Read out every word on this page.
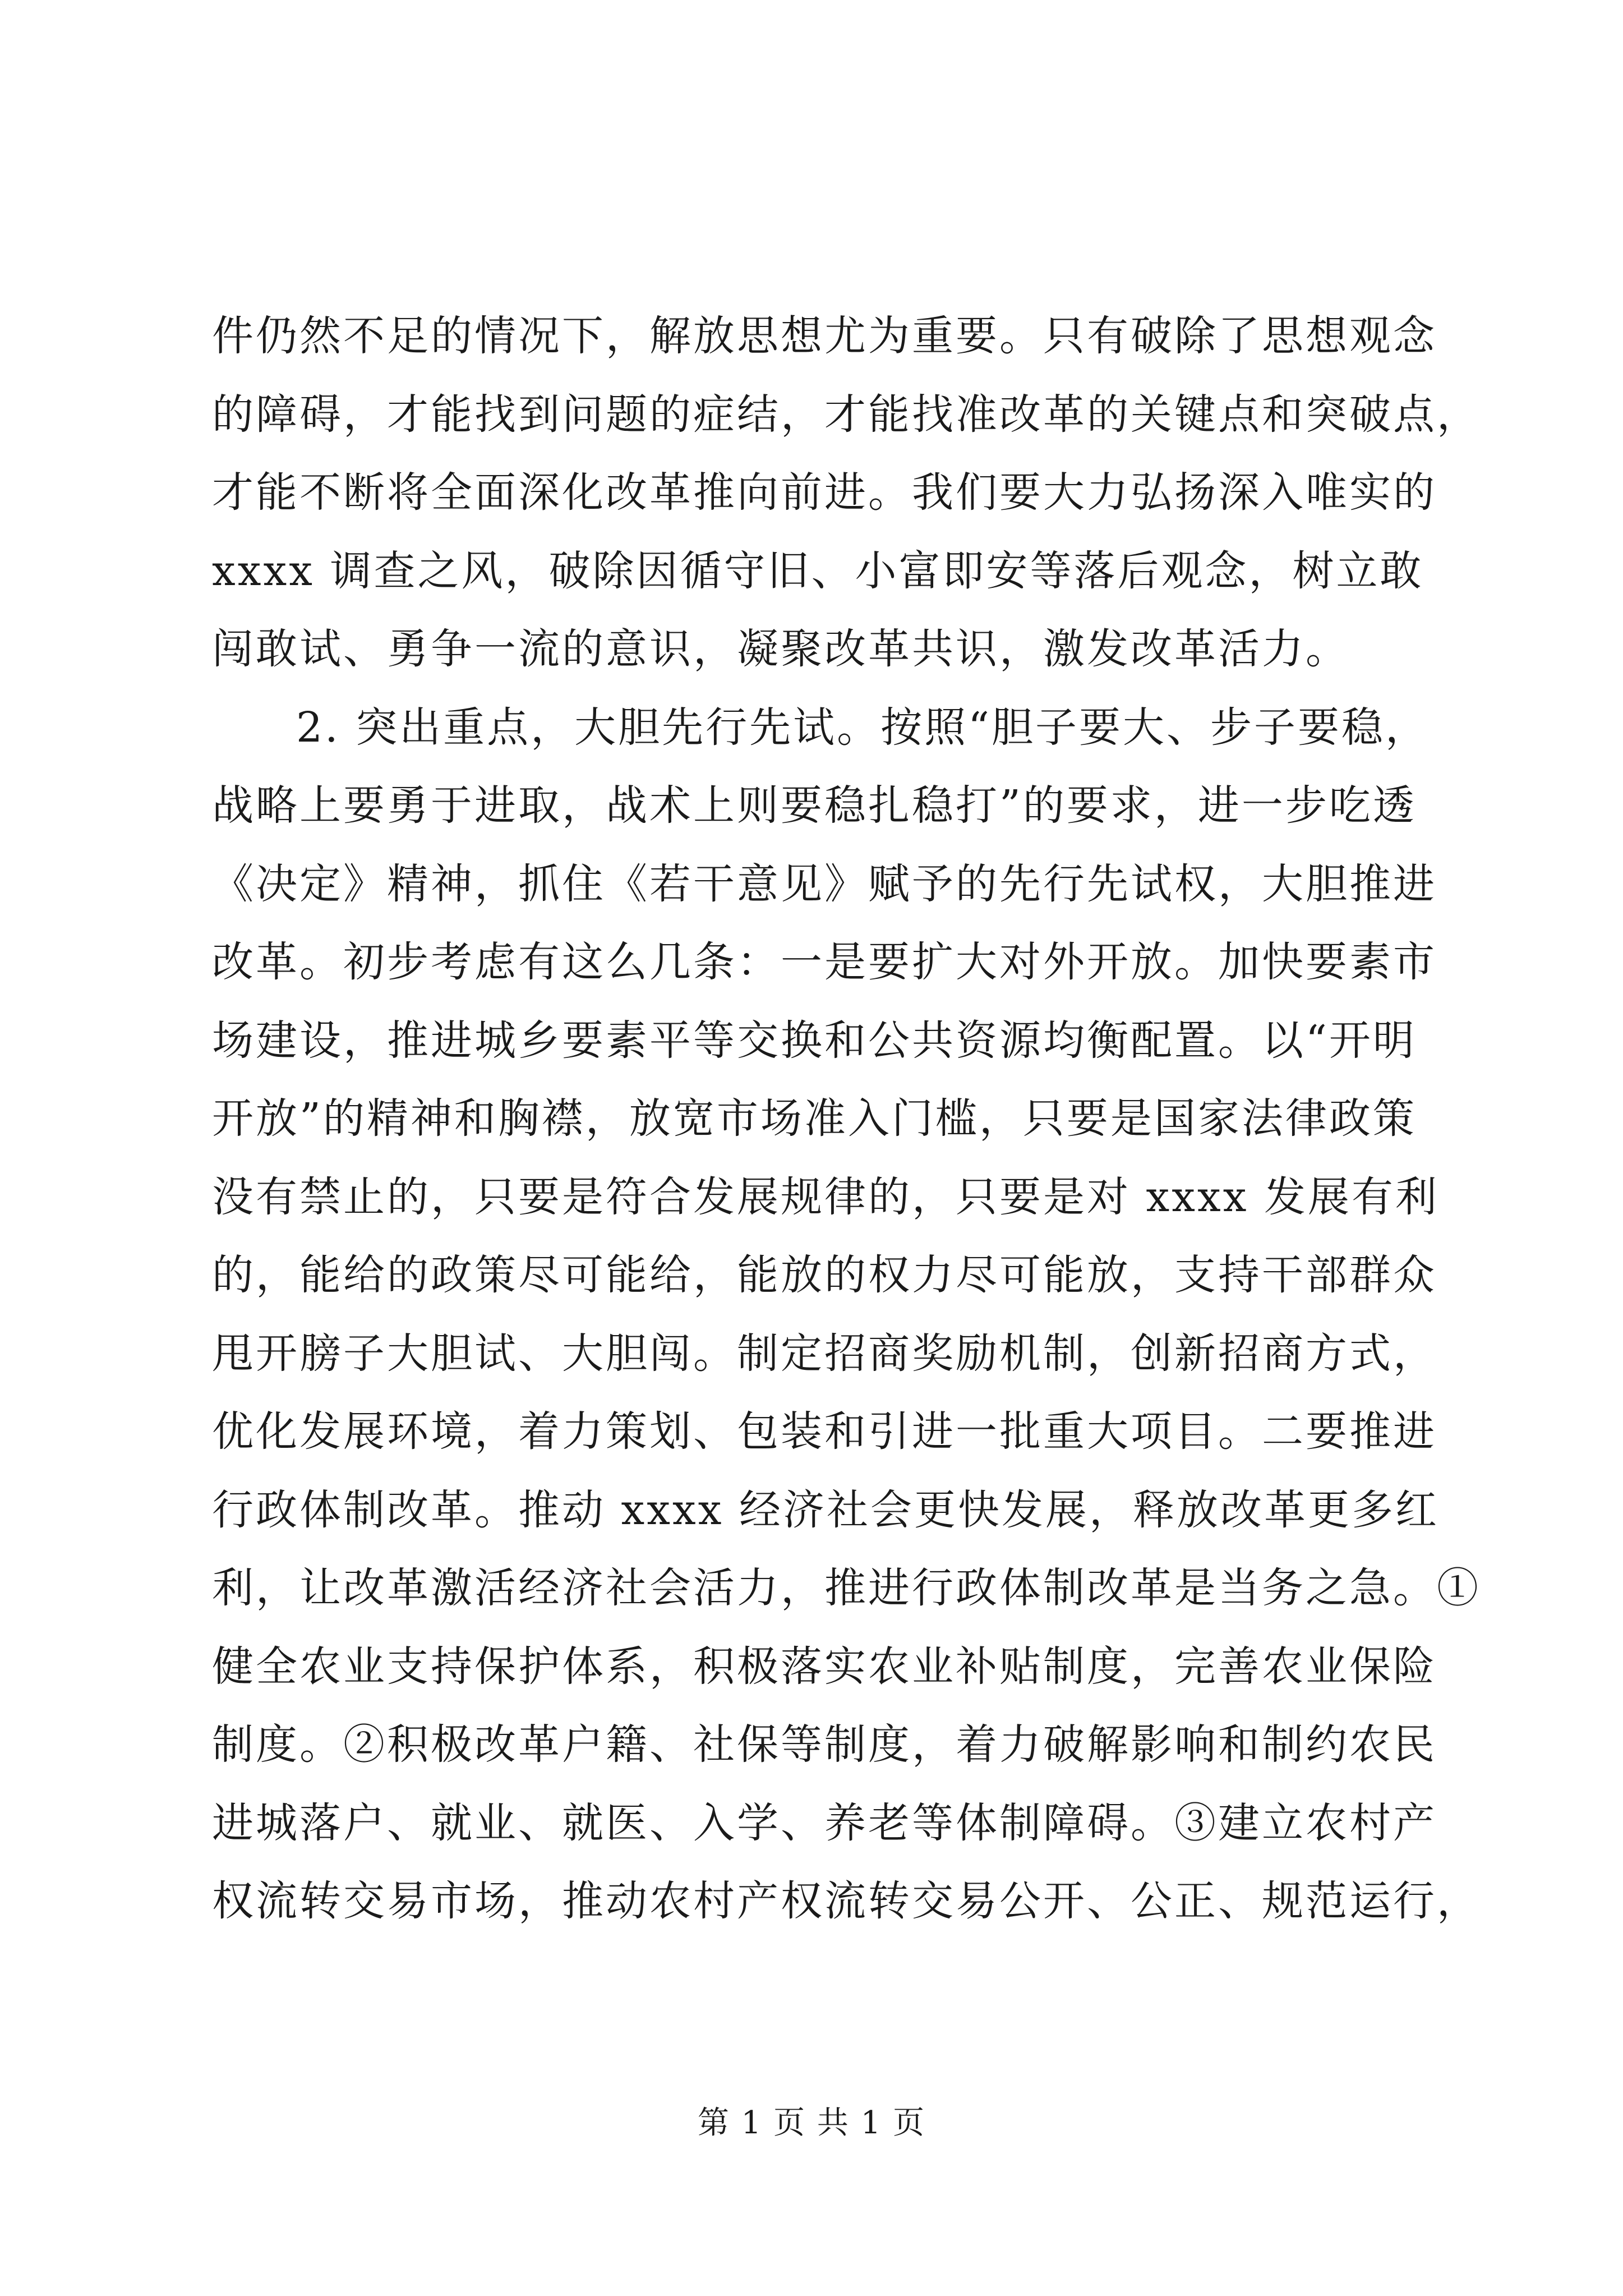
件仍然不足的情况下，解放思想尤为重要。只有破除了思想观念
的障碍，才能找到问题的症结，才能找准改革的关键点和突破点，
才能不断将全面深化改革推向前进。我们要大力弘扬深入唯实的
xxxx 调查之风，破除因循守旧、小富即安等落后观念，树立敢
闯敢试、勇争一流的意识，凝聚改革共识，激发改革活力。
2. 突出重点，大胆先行先试。按照“胆子要大、步子要稳，
战略上要勇于进取，战术上则要稳扎稳打”的要求，进一步吃透
《决定》精神，抓住《若干意见》赋予的先行先试权，大胆推进
改革。初步考虑有这么几条：一是要扩大对外开放。加快要素市
场建设，推进城乡要素平等交换和公共资源均衡配置。以“开明
开放”的精神和胸襟，放宽市场准入门槛，只要是国家法律政策
没有禁止的，只要是符合发展规律的，只要是对 xxxx 发展有利
的，能给的政策尽可能给，能放的权力尽可能放，支持干部群众
甩开膀子大胆试、大胆闯。制定招商奖励机制，创新招商方式，
优化发展环境，着力策划、包装和引进一批重大项目。二要推进
行政体制改革。推动 xxxx 经济社会更快发展，释放改革更多红
利，让改革激活经济社会活力，推进行政体制改革是当务之急。①
健全农业支持保护体系，积极落实农业补贴制度，完善农业保险
制度。②积极改革户籍、社保等制度，着力破解影响和制约农民
进城落户、就业、就医、入学、养老等体制障碍。③建立农村产
权流转交易市场，推动农村产权流转交易公开、公正、规范运行，
第 1 页 共 1 页
